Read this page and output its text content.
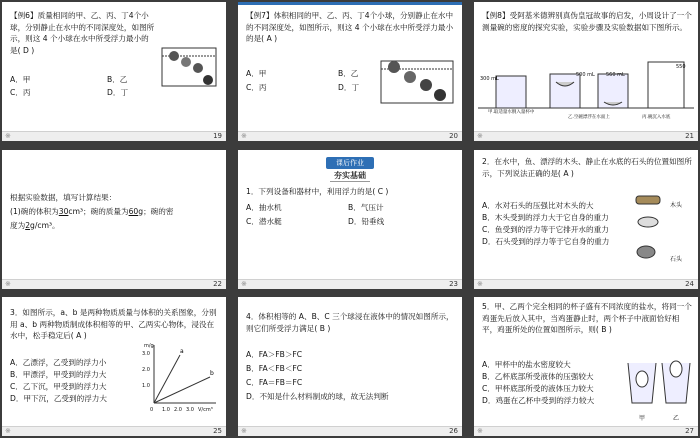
【例6】质量相同的甲、乙、丙、丁4个小球，分别静止在水中的不同深度处，如图所示，则这 4 个小球在水中所受浮力最小的是( D )
A．甲	B．乙
C．丙	D．丁
※	19
【例7】体积相同的甲、乙、丙、丁4个小球，分别静止在水中的不同深度处，如图所示，则这 4 个小球在水中所受浮力最小的是( A )
A．甲	B．乙
C．丙	D．丁
※	20
【例8】受阿基米德辨别真伪皇冠故事的启发，小周设计了一个测量碗的密度的探究实验，实验步骤及实验数据如下图所示。
300 mL
500 mL 560 mL
550
甲.取适量水倒入量杯中
乙.空碗漂浮在水面上	丙.碗沉入水底
※	21
根据实验数据，填写计算结果：
(1)碗的体积为30cm³；碗的质量为60g；碗的密
度为2g/cm³。
※	22
课后作业
夯实基础
1．下列设备和器材中，利用浮力的是( C )
A．抽水机	B．气压计
C．潜水艇	D．铅垂线
※	23
2．在水中，鱼、漂浮的木头、静止在水底的石头的位置如图所示，下列说法正确的是( A )
A．水对石头的压强比对木头的大
B．木头受到的浮力大于它自身的重力
C．鱼受到的浮力等于它排开水的重力
D．石头受到的浮力等于它自身的重力
木头
石头
※	24
3．如图所示，a、b 是两种物质质量与体积的关系图象，分别用 a、b 两种物质制成体积相等的甲、乙两实心物体，浸没在水中，松手稳定后( A )
A．乙漂浮，乙受到的浮力小
B．甲漂浮，甲受到的浮力大
C．乙下沉，甲受到的浮力大
D．甲下沉，乙受到的浮力大
a
b
m/g
V/cm³
3.0
2.0
1.0
0 1.0 2.0 3.0
※	25
4．体积相等的 A、B、C 三个球浸在液体中的情况如图所示，则它们所受浮力满足( B )
A．FA＞FB＞FC
B．FA＜FB＜FC
C．FA＝FB＝FC
D．不知是什么材料制成的球，故无法判断
※	26
5．甲、乙两个完全相同的杯子盛有不同浓度的盐水，将同一个鸡蛋先后放入其中，当鸡蛋静止时，两个杯子中液面恰好相平，鸡蛋所处的位置如图所示，则( B )
A．甲杯中的盐水密度较大
B．乙杯底部所受液体的压强较大
C．甲杯底部所受的液体压力较大
D．鸡蛋在乙杯中受到的浮力较大
甲	乙
※	27
